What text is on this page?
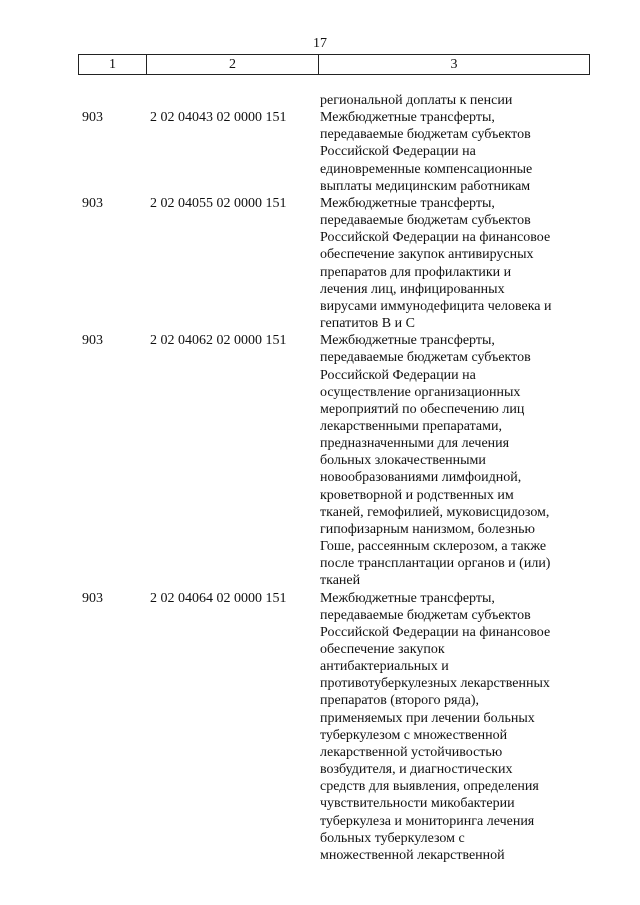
17
1	2	3
региональной доплаты к пенсии
903	2 02 04043 02 0000 151	Межбюджетные трансферты,
передаваемые бюджетам субъектов
Российской Федерации на
единовременные компенсационные
выплаты медицинским работникам
903	2 02 04055 02 0000 151	Межбюджетные трансферты,
передаваемые бюджетам субъектов
Российской Федерации на финансовое
обеспечение закупок антивирусных
препаратов для профилактики и
лечения лиц, инфицированных
вирусами иммунодефицита человека и
гепатитов B и C
903	2 02 04062 02 0000 151	Межбюджетные трансферты,
передаваемые бюджетам субъектов
Российской Федерации на
осуществление организационных
мероприятий по обеспечению лиц
лекарственными препаратами,
предназначенными для лечения
больных злокачественными
новообразованиями лимфоидной,
кроветворной и родственных им
тканей, гемофилией, муковисцидозом,
гипофизарным нанизмом, болезнью
Гоше, рассеянным склерозом, а также
после трансплантации органов и (или)
тканей
903	2 02 04064 02 0000 151	Межбюджетные трансферты,
передаваемые бюджетам субъектов
Российской Федерации на финансовое
обеспечение закупок
антибактериальных и
противотуберкулезных лекарственных
препаратов (второго ряда),
применяемых при лечении больных
туберкулезом с множественной
лекарственной устойчивостью
возбудителя, и диагностических
средств для выявления, определения
чувствительности микобактерии
туберкулеза и мониторинга лечения
больных туберкулезом с
множественной лекарственной
